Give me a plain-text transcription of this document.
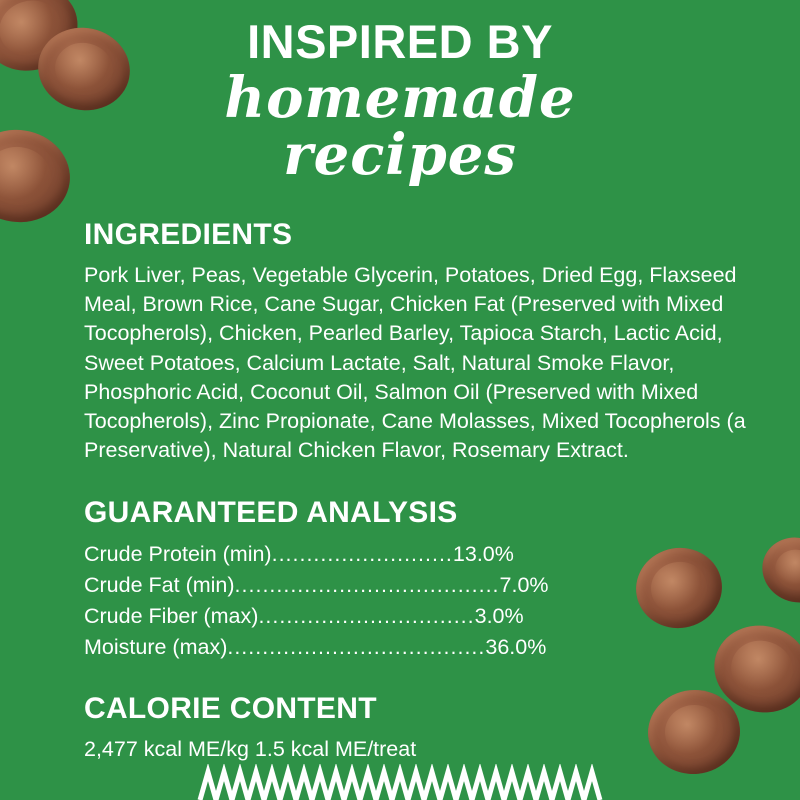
INSPIRED BY
homemade
recipes
INGREDIENTS

Pork Liver, Peas, Vegetable Glycerin, Potatoes, Dried Egg, Flaxseed Meal, Brown Rice, Cane Sugar, Chicken Fat (Preserved with Mixed Tocopherols), Chicken, Pearled Barley, Tapioca Starch, Lactic Acid, Sweet Potatoes, Calcium Lactate, Salt, Natural Smoke Flavor, Phosphoric Acid, Coconut Oil, Salmon Oil (Preserved with Mixed Tocopherols), Zinc Propionate, Cane Molasses, Mixed Tocopherols (a Preservative), Natural Chicken Flavor, Rosemary Extract.

GUARANTEED ANALYSIS
Crude Protein (min) .......................... 13.0%
Crude Fat (min) ...................................... 7.0%
Crude Fiber (max) ............................... 3.0%
Moisture (max) ..................................... 36.0%
CALORIE CONTENT

2,477 kcal ME/kg 1.5 kcal ME/treat
